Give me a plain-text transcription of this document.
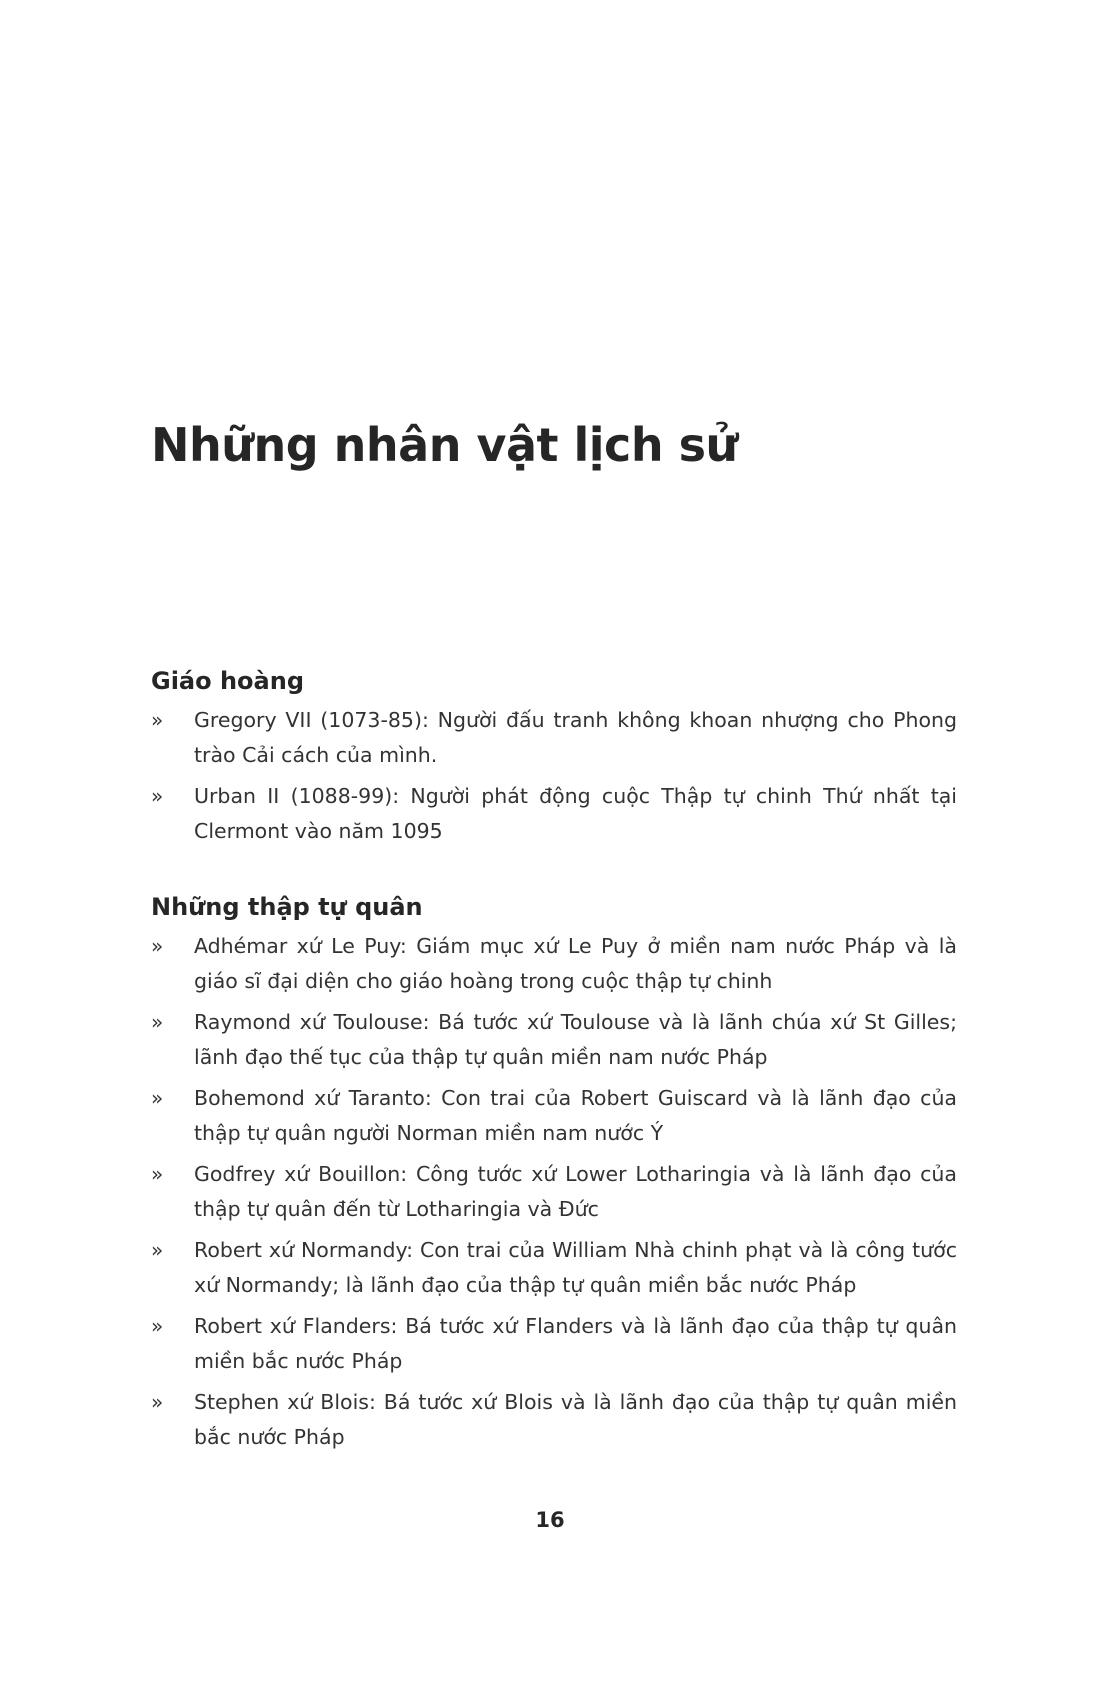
Những nhân vật lịch sử
Giáo hoàng
»	Gregory VII (1073-85): Người đấu tranh không khoan nhượng cho Phong trào Cải cách của mình.
»	Urban II (1088-99): Người phát động cuộc Thập tự chinh Thứ nhất tại Clermont vào năm 1095
Những thập tự quân
»	Adhémar xứ Le Puy: Giám mục xứ Le Puy ở miền nam nước Pháp và là giáo sĩ đại diện cho giáo hoàng trong cuộc thập tự chinh
»	Raymond xứ Toulouse: Bá tước xứ Toulouse và là lãnh chúa xứ St Gilles; lãnh đạo thế tục của thập tự quân miền nam nước Pháp
»	Bohemond xứ Taranto: Con trai của Robert Guiscard và là lãnh đạo của thập tự quân người Norman miền nam nước Ý
»	Godfrey xứ Bouillon: Công tước xứ Lower Lotharingia và là lãnh đạo của thập tự quân đến từ Lotharingia và Đức
»	Robert xứ Normandy: Con trai của William Nhà chinh phạt và là công tước xứ Normandy; là lãnh đạo của thập tự quân miền bắc nước Pháp
»	Robert xứ Flanders: Bá tước xứ Flanders và là lãnh đạo của thập tự quân miền bắc nước Pháp
»	Stephen xứ Blois: Bá tước xứ Blois và là lãnh đạo của thập tự quân miền bắc nước Pháp
16
